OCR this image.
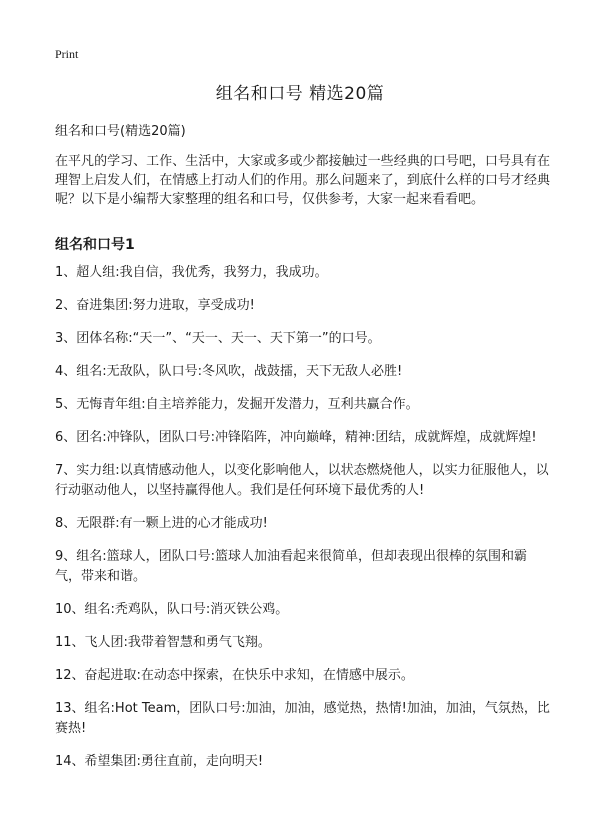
Print
组名和口号 精选20篇
组名和口号(精选20篇)
在平凡的学习、工作、生活中，大家或多或少都接触过一些经典的口号吧，口号具有在理智上启发人们，在情感上打动人们的作用。那么问题来了，到底什么样的口号才经典呢？以下是小编帮大家整理的组名和口号，仅供参考，大家一起来看看吧。
组名和口号1
1、超人组:我自信，我优秀，我努力，我成功。
2、奋进集团:努力进取，享受成功!
3、团体名称:“天一”、“天一、天一、天下第一”的口号。
4、组名:无敌队，队口号:冬风吹，战鼓擂，天下无敌人必胜!
5、无悔青年组:自主培养能力，发掘开发潜力，互利共赢合作。
6、团名:冲锋队，团队口号:冲锋陷阵，冲向巅峰，精神:团结，成就辉煌，成就辉煌!
7、实力组:以真情感动他人，以变化影响他人，以状态燃烧他人，以实力征服他人，以行动驱动他人，以坚持赢得他人。我们是任何环境下最优秀的人!
8、无限群:有一颗上进的心才能成功!
9、组名:篮球人，团队口号:篮球人加油看起来很简单，但却表现出很棒的氛围和霸气，带来和谐。
10、组名:秃鸡队，队口号:消灭铁公鸡。
11、飞人团:我带着智慧和勇气飞翔。
12、奋起进取:在动态中探索，在快乐中求知，在情感中展示。
13、组名:Hot Team，团队口号:加油，加油，感觉热，热情!加油，加油，气氛热，比赛热!
14、希望集团:勇往直前，走向明天!
